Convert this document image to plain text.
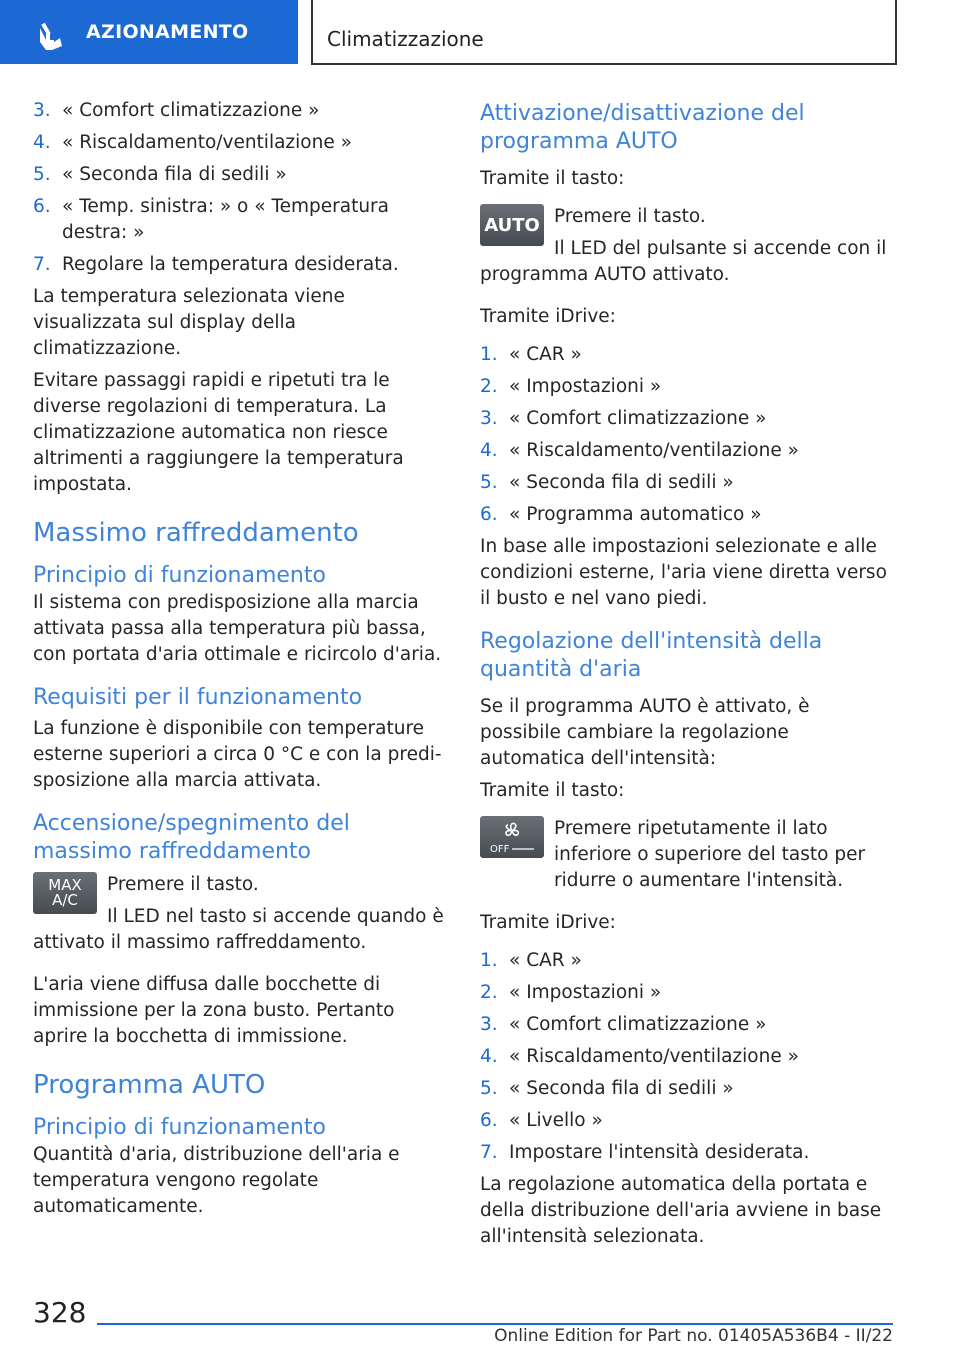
AZIONAMENTO	Climatizzazione
3. « Comfort climatizzazione »
4. « Riscaldamento/ventilazione »
5. « Seconda fila di sedili »
6. « Temp. sinistra: » o « Temperatura destra: »
7. Regolare la temperatura desiderata.

La temperatura selezionata viene visualizzata sul display della climatizzazione.

Evitare passaggi rapidi e ripetuti tra le diverse regolazioni di temperatura. La climatizzazione automatica non riesce altrimenti a raggiungere la temperatura impostata.

Massimo raffreddamento
Principio di funzionamento

Il sistema con predisposizione alla marcia attivata passa alla temperatura più bassa, con portata d'aria ottimale e ricircolo d'aria.

Requisiti per il funzionamento

La funzione è disponibile con temperature esterne superiori a circa 0 °C e con la predisposizione alla marcia attivata.

Accensione/spegnimento del massimo raffreddamento
MAX
A/C

Premere il tasto.

Il LED nel tasto si accende quando è attivato il massimo raffreddamento.

L'aria viene diffusa dalle bocchette di immissione per la zona busto. Pertanto aprire la bocchetta di immissione.

Programma AUTO
Principio di funzionamento

Quantità d'aria, distribuzione dell'aria e temperatura vengono regolate automaticamente.

Attivazione/disattivazione del programma AUTO

Tramite il tasto:

AUTO Premere il tasto.

Il LED del pulsante si accende con il programma AUTO attivato.

Tramite iDrive:

1. « CAR »
2. « Impostazioni »
3. « Comfort climatizzazione »
4. « Riscaldamento/ventilazione »
5. « Seconda fila di sedili »
6. « Programma automatico »

In base alle impostazioni selezionate e alle condizioni esterne, l'aria viene diretta verso il busto e nel vano piedi.

Regolazione dell'intensità della quantità d'aria

Se il programma AUTO è attivato, è possibile cambiare la regolazione automatica dell'intensità:

Tramite il tasto:

OFF

Premere ripetutamente il lato inferiore o superiore del tasto per ridurre o aumentare l'intensità.

Tramite iDrive:

1. « CAR »
2. « Impostazioni »
3. « Comfort climatizzazione »
4. « Riscaldamento/ventilazione »
5. « Seconda fila di sedili »
6. « Livello »
7. Impostare l'intensità desiderata.

La regolazione automatica della portata e della distribuzione dell'aria avviene in base all'intensità selezionata.

328
Online Edition for Part no. 01405A536B4 - II/22
